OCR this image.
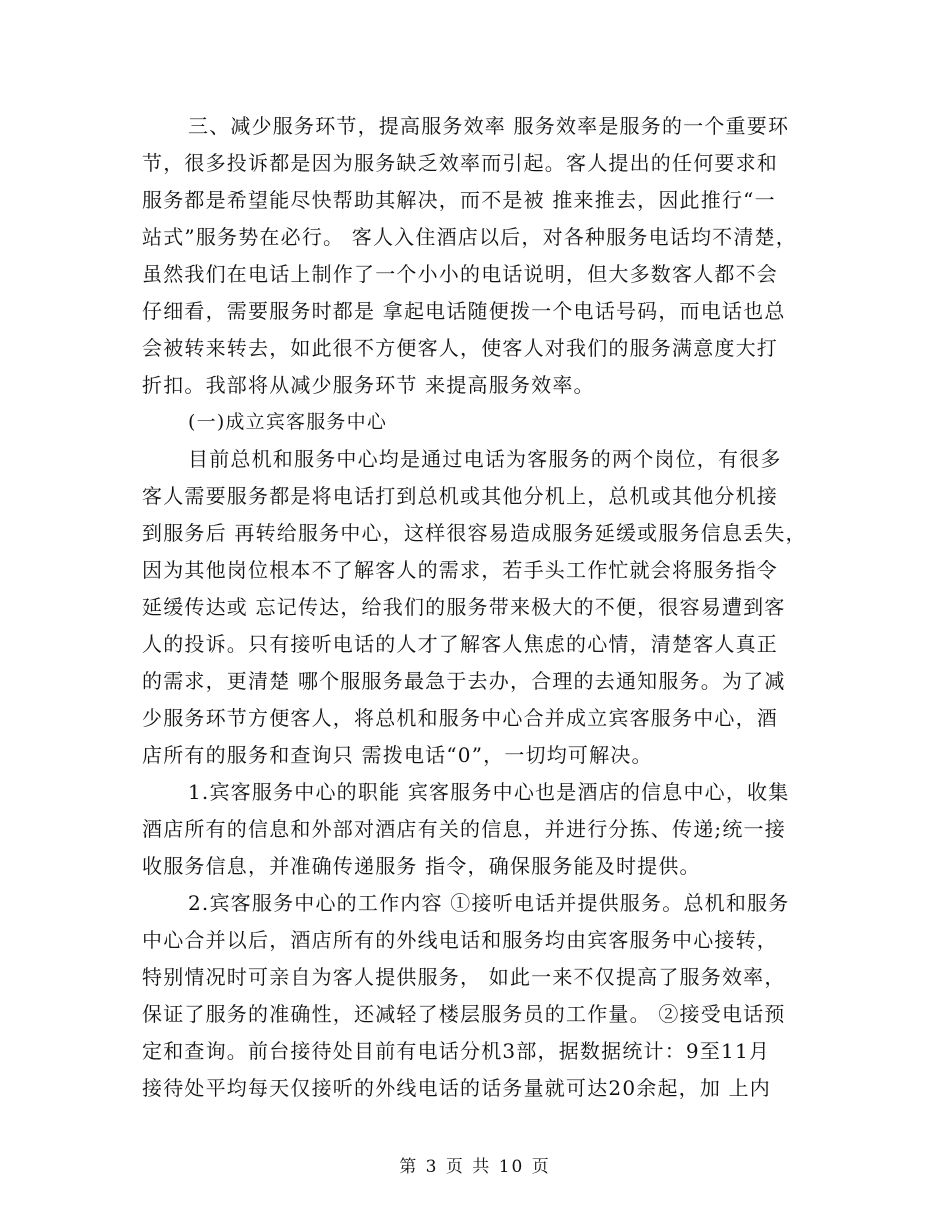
三、减少服务环节，提高服务效率 服务效率是服务的一个重要环
节，很多投诉都是因为服务缺乏效率而引起。客人提出的任何要求和
服务都是希望能尽快帮助其解决，而不是被 推来推去，因此推行“一
站式”服务势在必行。 客人入住酒店以后，对各种服务电话均不清楚，
虽然我们在电话上制作了一个小小的电话说明，但大多数客人都不会
仔细看，需要服务时都是 拿起电话随便拨一个电话号码，而电话也总
会被转来转去，如此很不方便客人，使客人对我们的服务满意度大打
折扣。我部将从减少服务环节 来提高服务效率。
(一)成立宾客服务中心
目前总机和服务中心均是通过电话为客服务的两个岗位，有很多
客人需要服务都是将电话打到总机或其他分机上，总机或其他分机接
到服务后 再转给服务中心，这样很容易造成服务延缓或服务信息丢失，
因为其他岗位根本不了解客人的需求，若手头工作忙就会将服务指令
延缓传达或 忘记传达，给我们的服务带来极大的不便，很容易遭到客
人的投诉。只有接听电话的人才了解客人焦虑的心情，清楚客人真正
的需求，更清楚 哪个服服务最急于去办，合理的去通知服务。为了减
少服务环节方便客人，将总机和服务中心合并成立宾客服务中心，酒
店所有的服务和查询只 需拨电话“0”，一切均可解决。
1.宾客服务中心的职能 宾客服务中心也是酒店的信息中心，收集
酒店所有的信息和外部对酒店有关的信息，并进行分拣、传递;统一接
收服务信息，并准确传递服务 指令，确保服务能及时提供。
2.宾客服务中心的工作内容 ①接听电话并提供服务。总机和服务
中心合并以后，酒店所有的外线电话和服务均由宾客服务中心接转，
特别情况时可亲自为客人提供服务， 如此一来不仅提高了服务效率，
保证了服务的准确性，还减轻了楼层服务员的工作量。 ②接受电话预
定和查询。前台接待处目前有电话分机3部，据数据统计：9至11月
接待处平均每天仅接听的外线电话的话务量就可达20余起，加 上内
第 3 页 共 10 页
